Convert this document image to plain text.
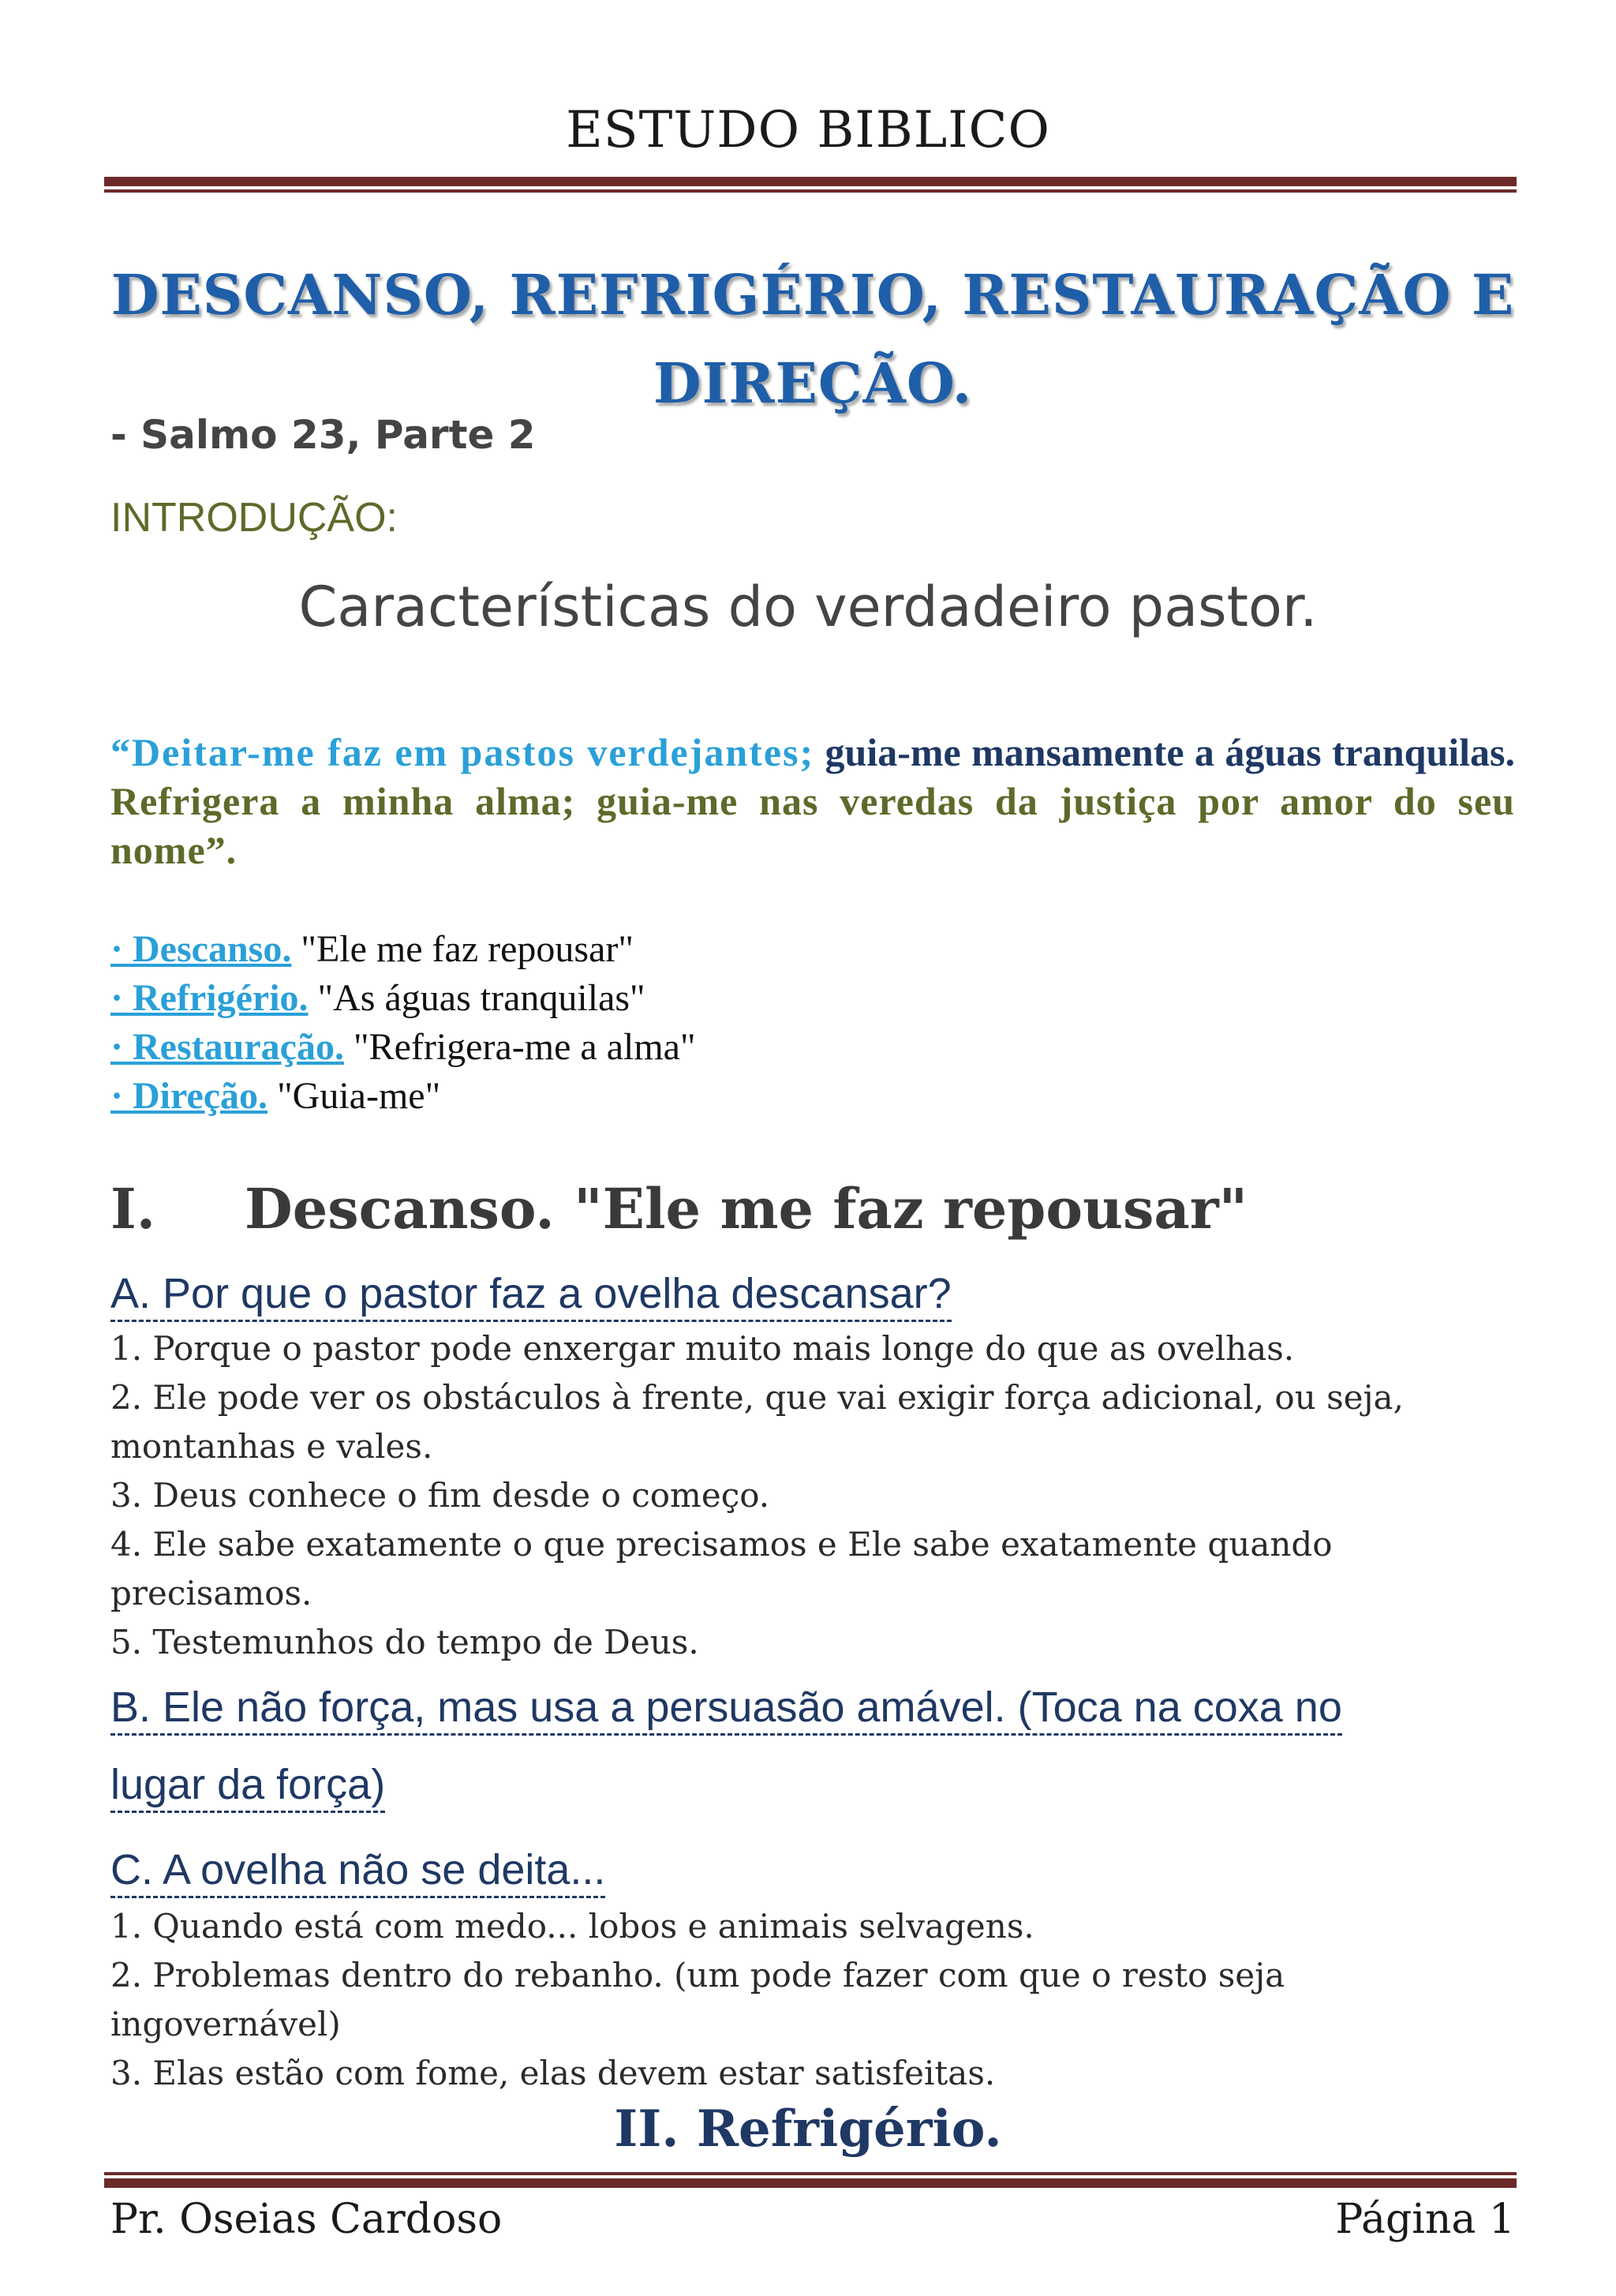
ESTUDO BIBLICO
DESCANSO, REFRIGÉRIO, RESTAURAÇÃO E
DIREÇÃO.
- Salmo 23, Parte 2
INTRODUÇÃO:
Características do verdadeiro pastor.
“Deitar-me faz em pastos verdejantes; guia-me mansamente a águas tranquilas. Refrigera a minha alma; guia-me nas veredas da justiça por amor do seu nome”.
· Descanso. "Ele me faz repousar"
· Refrigério. "As águas tranquilas"
· Restauração. "Refrigera-me a alma"
· Direção. "Guia-me"
I. Descanso. "Ele me faz repousar"
A. Por que o pastor faz a ovelha descansar?
1. Porque o pastor pode enxergar muito mais longe do que as ovelhas.
2. Ele pode ver os obstáculos à frente, que vai exigir força adicional, ou seja, montanhas e vales.
3. Deus conhece o fim desde o começo.
4. Ele sabe exatamente o que precisamos e Ele sabe exatamente quando precisamos.
5. Testemunhos do tempo de Deus.
B. Ele não força, mas usa a persuasão amável. (Toca na coxa no
lugar da força)
C. A ovelha não se deita...
1. Quando está com medo... lobos e animais selvagens.
2. Problemas dentro do rebanho. (um pode fazer com que o resto seja ingovernável)
3. Elas estão com fome, elas devem estar satisfeitas.
II. Refrigério.
Pr. Oseias Cardoso	Página 1
